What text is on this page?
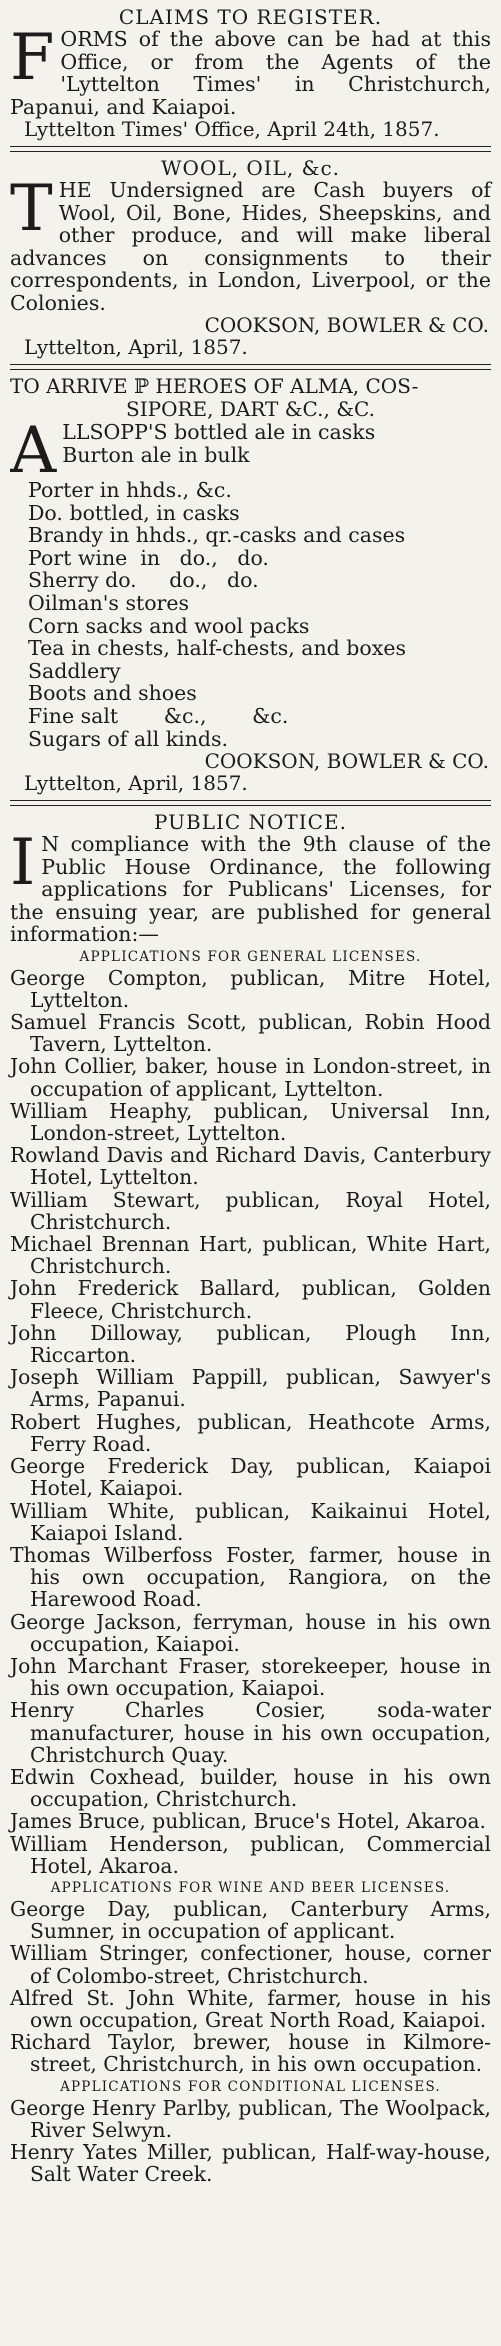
CLAIMS TO REGISTER.

FORMS of the above can be had at this Office, or from the Agents of the 'Lyttelton Times' in Christchurch, Papanui, and Kaiapoi.

Lyttelton Times' Office, April 24th, 1857.

WOOL, OIL, &c.

THE Undersigned are Cash buyers of Wool, Oil, Bone, Hides, Sheepskins, and other produce, and will make liberal advances on consignments to their correspondents, in London, Liverpool, or the Colonies.

COOKSON, BOWLER & CO.

Lyttelton, April, 1857.

TO ARRIVE ℙ HEROES OF ALMA, COS-

SIPORE, DART &C., &C.

A LLSOPP'S bottled ale in casks

Burton ale in bulk

Porter in hhds., &c.
Do. bottled, in casks
Brandy in hhds., qr.-casks and cases
Port wine  in   do.,   do.
Sherry do.     do.,   do.
Oilman's stores
Corn sacks and wool packs
Tea in chests, half-chests, and boxes
Saddlery
Boots and shoes
Fine salt       &c.,       &c.
Sugars of all kinds.

COOKSON, BOWLER & CO.

Lyttelton, April, 1857.

PUBLIC NOTICE.

I N compliance with the 9th clause of the Public House Ordinance, the following applications for Publicans' Licenses, for the ensuing year, are published for general information:—

APPLICATIONS FOR GENERAL LICENSES.

George Compton, publican, Mitre Hotel, Lyttelton.

Samuel Francis Scott, publican, Robin Hood Tavern, Lyttelton.

John Collier, baker, house in London-street, in occupation of applicant, Lyttelton.

William Heaphy, publican, Universal Inn, London-street, Lyttelton.

Rowland Davis and Richard Davis, Canterbury Hotel, Lyttelton.

William Stewart, publican, Royal Hotel, Christchurch.

Michael Brennan Hart, publican, White Hart, Christchurch.

John Frederick Ballard, publican, Golden Fleece, Christchurch.

John Dilloway, publican, Plough Inn, Riccarton.

Joseph William Pappill, publican, Sawyer's Arms, Papanui.

Robert Hughes, publican, Heathcote Arms, Ferry Road.

George Frederick Day, publican, Kaiapoi Hotel, Kaiapoi.

William White, publican, Kaikainui Hotel, Kaiapoi Island.

Thomas Wilberfoss Foster, farmer, house in his own occupation, Rangiora, on the Harewood Road.

George Jackson, ferryman, house in his own occupation, Kaiapoi.

John Marchant Fraser, storekeeper, house in his own occupation, Kaiapoi.

Henry Charles Cosier, soda-water manufacturer, house in his own occupation, Christchurch Quay.

Edwin Coxhead, builder, house in his own occupation, Christchurch.

James Bruce, publican, Bruce's Hotel, Akaroa.

William Henderson, publican, Commercial Hotel, Akaroa.

APPLICATIONS FOR WINE AND BEER LICENSES.

George Day, publican, Canterbury Arms, Sumner, in occupation of applicant.

William Stringer, confectioner, house, corner of Colombo-street, Christchurch.

Alfred St. John White, farmer, house in his own occupation, Great North Road, Kaiapoi.

Richard Taylor, brewer, house in Kilmore-street, Christchurch, in his own occupation.

APPLICATIONS FOR CONDITIONAL LICENSES.

George Henry Parlby, publican, The Woolpack, River Selwyn.

Henry Yates Miller, publican, Half-way-house, Salt Water Creek.
